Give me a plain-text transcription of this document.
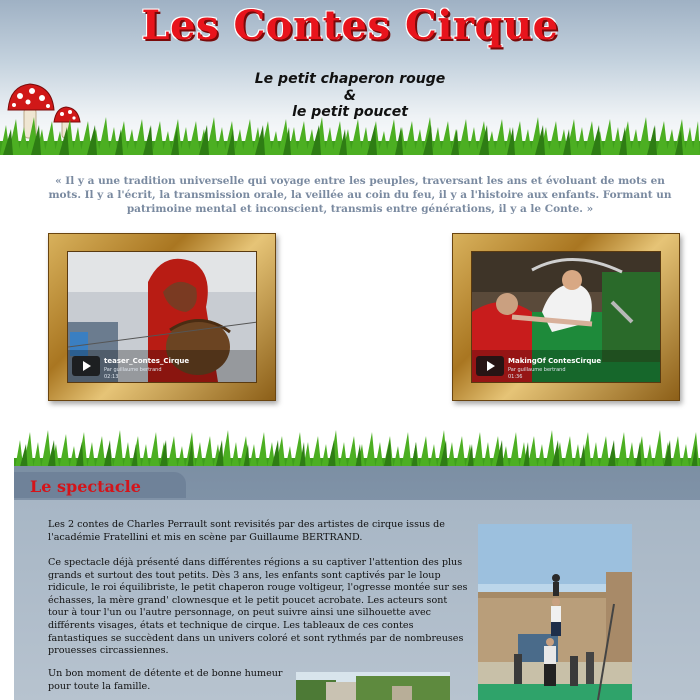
Les Contes Cirque
Le petit chaperon rouge
&
le petit poucet
« Il y a une tradition universelle qui voyage entre les peuples, traversant les ans et évoluant de mots en mots. Il y a l'écrit, la transmission orale, la veillée au coin du feu, il y a l'histoire aux enfants. Formant un patrimoine mental et inconscient, transmis entre générations, il y a le Conte. »
teaser_Contes_Cirque
Par guillaume bertrand
02:13
MakingOf ContesCirque
Par guillaume bertrand
01:36
Le spectacle
Les 2 contes de Charles Perrault sont revisités par des artistes de cirque issus de l'académie Fratellini et mis en scène par Guillaume BERTRAND.
Ce spectacle déjà présenté dans différentes régions a su captiver l'attention des plus grands et surtout des tout petits. Dès 3 ans, les enfants sont captivés par le loup ridicule, le roi équilibriste, le petit chaperon rouge voltigeur, l'ogresse montée sur ses échasses, la mère grand' clownesque et le petit poucet acrobate. Les acteurs sont tour à tour l'un ou l'autre personnage, on peut suivre ainsi une silhouette avec différents visages, états et technique de cirque. Les tableaux de ces contes fantastiques se succèdent dans un univers coloré et sont rythmés par de nombreuses prouesses circassiennes.
Un bon moment de détente et de bonne humeur pour toute la famille.
